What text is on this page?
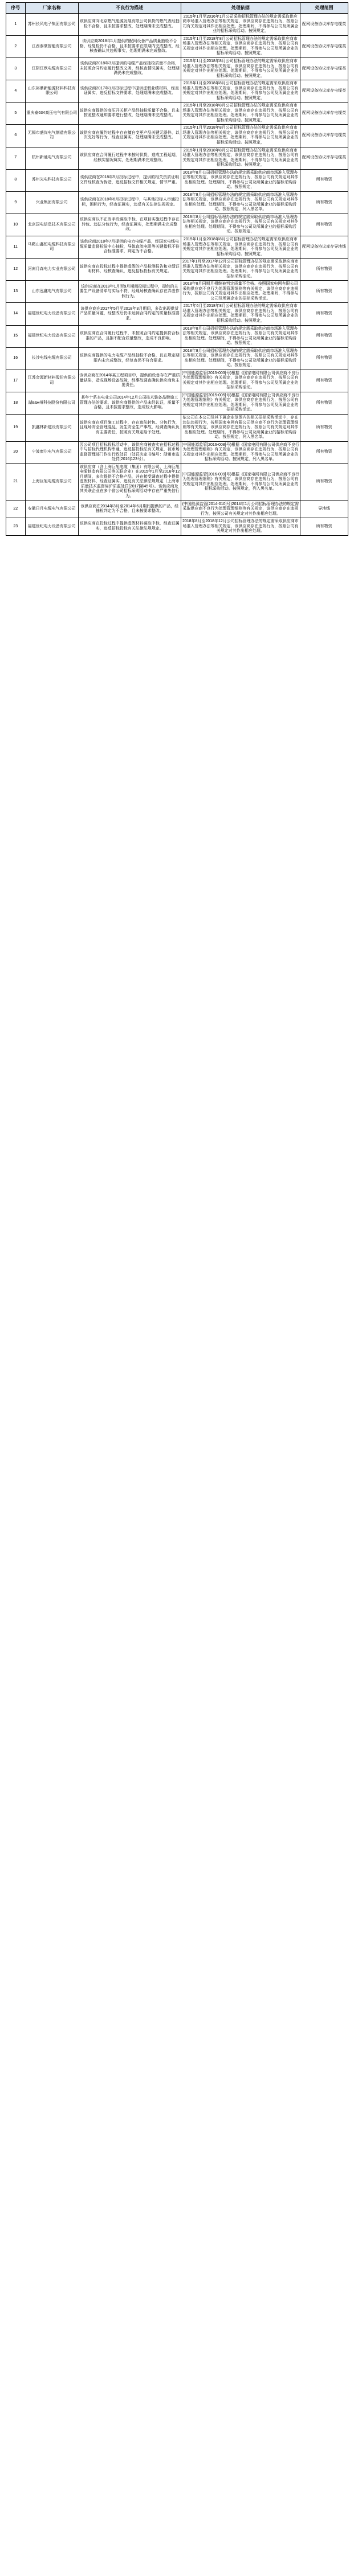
序号	厂家名称	不良行为描述	处理依据	处理范围
1	苏州长风电子集团有限公司	该供应商向北京燃气能源发展有限公司供货的燃气表经抽检不合格，且未按要求整改，处理期满未完成整改。	2015年1月至2016年1月公司采购招标管理办法的规定需采取供应商市场准入管理办法等相关规定，该供应商存在违规行为，按照公司有关规定对其作出相应处理。处理期间，不得参与公司及所属企业的招标采购活动。按照规定，	配网设备协议库存电缆类
2	江西泰豪智能有限公司	该供应商2018年1月提供的配网设备产品质量抽检不合格，经复检仍不合格，且未按要求在限期内完成整改，经核查确认其违规事实，处理期满未完成整改。	2015年1月至2018年8月公司招标管理办法的规定需采取供应商市场准入管理办法等相关规定，该供应商存在违规行为，按照公司有关规定对其作出相应处理。处理期间，不得参与公司及所属企业的招标采购活动。按照规定，	配网设备协议库存电缆类
3	江阴江欣电缆有限公司	该供应商2018年3月提供的电缆产品经抽检质量不合格，未按照合同约定履行整改义务，经核查情况属实，处理期满仍未完成整改。	2015年1月至2018年8月公司招标管理办法的规定需采取供应商市场准入管理办法等相关规定，该供应商存在违规行为，按照公司有关规定对其作出相应处理。处理期间，不得参与公司及所属企业的招标采购活动。按照规定，	配网设备协议库存电缆类
4	山东裕鼎新能源材料科技有限公司	该供应商2017年1月投标过程中提供虚假业绩材料，经查证属实，违反招标文件要求，处理期满未完成整改。	2015年1月至2018年8月公司招标管理办法的规定需采取供应商市场准入管理办法等相关规定，该供应商存在违规行为，按照公司有关规定对其作出相应处理。处理期间，不得参与公司及所属企业的招标采购活动。按照规定，	配网设备协议库存电缆类
5	重庆泰634高压电气有限公司	该供应商提供的高压开关柜产品经抽检质量不合格，且未按照整改通知要求进行整改，处理期满未完成整改。	2015年1月至2018年8月公司招标管理办法的规定需采取供应商市场准入管理办法等相关规定，该供应商存在违规行为，按照公司有关规定对其作出相应处理。处理期间，不得参与公司及所属企业的招标采购活动。按照规定，	配网设备协议库存电缆类
6	无锡市盛岗电气制造有限公司	该供应商在履约过程中存在擅自变更产品关键元器件、以次充好等行为，经查证属实，处理期满未完成整改。	2015年1月至2018年8月公司招标管理办法的规定需采取供应商市场准入管理办法等相关规定，该供应商存在违规行为，按照公司有关规定对其作出相应处理。处理期间，不得参与公司及所属企业的招标采购活动。按照规定，	配网设备协议库存电缆类
7	杭州新通电气有限公司	该供应商在合同履行过程中未按时供货，造成工程延期，经核实情况属实，处理期满未完成整改。	2015年1月至2018年8月公司招标管理办法的规定需采取供应商市场准入管理办法等相关规定，该供应商存在违规行为，按照公司有关规定对其作出相应处理。处理期间，不得参与公司及所属企业的招标采购活动。按照规定，	配网设备协议库存电缆类
8	苏州光电科技有限公司	该供应商在2018年5月投标过程中，提供的相关资质证明文件经核查为伪造，违反招标文件相关规定，情节严重。	2018年8月公司招标管理办法的规定需采取供应商市场准入管理办法等相关规定，该供应商存在违规行为，按照公司有关规定对其作出相应处理。处理期间，不得参与公司及所属企业的招标采购活动。按照规定，	所有物资
9	兴业集团有限公司	该供应商在2018年6月投标过程中，与其他投标人串通投标，围标行为，经查证属实，违反有关法律法规规定。	2018年8月公司招标管理办法的规定需采取供应商市场准入管理办法等相关规定，该供应商存在违规行为，按照公司有关规定对其作出相应处理。处理期间，不得参与公司及所属企业的招标采购活动。按照规定，列入黑名单。	所有物资
10	北京国电信息技术有限公司	该供应商以不正当手段谋取中标，在项目实施过程中存在转包、违法分包行为，经查证属实，处理期满未完成整改。	2018年8月公司招标管理办法的规定需采取供应商市场准入管理办法等相关规定，该供应商存在违规行为，按照公司有关规定对其作出相应处理。处理期间，不得参与公司及所属企业的招标采购活动。按照规定，	所有物资
11	马鞍山鑫恒电缆科技有限公司	该供应商2018年7月提供的电力电缆产品，经国家电线电缆质量监督检验中心抽检，导体直流电阻等关键指标不符合标准要求，判定为不合格。	2015年1月至2018年8月公司招标管理办法的规定需采取供应商市场准入管理办法等相关规定，该供应商存在违规行为，按照公司有关规定对其作出相应处理。处理期间，不得参与公司及所属企业的招标采购活动。按照规定，	配网设备协议库存导地线
12	河南月森电力实业有限公司	该供应商在投标过程中提供虚假的产品检测报告和业绩证明材料，经核查确认，违反招标投标有关规定。	2017年1月至2017年12月公司招标管理办法的规定需采取供应商市场准入管理办法等相关规定，该供应商存在违规行为，按照公司有关规定对其作出相应处理。处理期间，不得参与公司及所属企业的招标采购活动。	所有物资
13	山东泓鑫电气有限公司	该供应商在2018年1月至9月期间投标过程中，提供的主要生产设备清单与实际不符，经现场核查确认存在弄虚作假行为。	2018年8月同期月相继被判定质量不合格。按照国家电网有限公司采购供应商不良行为处理管理细则等有关规定，该供应商存在违规行为，按照公司有关规定对其作出相应处理。处理期间，不得参与公司及所属企业的招标采购活动。	所有物资
14	福建世纪电力设备有限公司	该供应商在2017年5月至2018年3月期间，多次出现供货产品质量问题，经整改后仍未达到合同约定的质量标准要求。	2017年6月至2018年8月公司招标管理办法的规定需采取供应商市场准入管理办法等相关规定，该供应商存在违规行为，按照公司有关规定对其作出相应处理。处理期间，不得参与公司及所属企业的招标采购活动。按照规定，	所有物资
15	福建世纪电力设备有限公司	该供应商在合同履行过程中，未按照合同约定提供符合标准的产品，且拒不配合质量整改，造成不良影响。	2018年8月公司招标管理办法的规定需采取供应商市场准入管理办法等相关规定，该供应商存在违规行为，按照公司有关规定对其作出相应处理。处理期间，不得参与公司及所属企业的招标采购活动。按照规定，	所有物资
16	长沙电线电缆有限公司	该供应商提供的电力电缆产品经抽检不合格，且在规定期限内未完成整改，经复查仍不符合要求。	2018年8月公司招标管理办法的规定需采取供应商市场准入管理办法等相关规定，该供应商存在违规行为，按照公司有关规定对其作出相应处理。处理期间，不得参与公司及所属企业的招标采购活动。按照规定，	所有物资
17	江苏金源新材料股份有限公司	该供应商在2014年某工程项目中，提供的设备存在严重质量缺陷，造成现场设备故障，经事故调查确认供应商负主要责任。	(中国能源监管[2015-003]号)根据《国家电网有限公司供应商不良行为处理管理细则》有关规定，该供应商存在违规行为，按照公司有关规定对其作出相应处理。处理期间，不得参与公司及所属企业的招标采购活动。	所有物资
18	湖важ州科技股份有限公司	某年十系本电业公司2014年12月公司技术装备品牌施工管理办法的要求，该供应商提供的产品未经认证，质量不合格，且未按要求整改，造成较大影响。	(中国能源监管[2015-005]号)根据《国家电网有限公司供应商不良行为处理管理细则》有关规定，该供应商存在违规行为，按照公司有关规定对其作出相应处理。处理期间，不得参与公司及所属企业的招标采购活动。	所有物资
19	凯鑫林新建设有限公司	该供应商在项目施工过程中，存在违法转包、分包行为，且现场安全管理混乱，发生安全生产事故，经调查确认负有主要责任，按照有关规定给予处理。	依公司在本公司及其下属企业范围内的相关招标采购活动中，存在违法违规行为，按照国家电网有限公司供应商不良行为处理管理细则等有关规定，该供应商存在违规行为，按照公司有关规定对其作出相应处理。处理期间，不得参与公司及所属企业的招标采购活动。按照规定，列入黑名单。	所有物资
20	宁波康尔电气有限公司	因公司项目招标投标活动中，该供应商被查实在招标过程中与招标代理机构串通，违反招投标法有关规定，被市场监督管理部门作出行政处罚（处罚决定书编号：浙甬市监处罚[2016]123号）。	(中国能源监管[2016-008]号)根据《国家电网有限公司供应商不良行为处理管理细则》有关规定，该供应商存在违规行为，按照公司有关规定对其作出相应处理。处理期间，不得参与公司及所属企业的招标采购活动。按照规定，列入黑名单。	所有物资
21	上海巨旭电缆有限公司	该供应商（含上海巨旭电缆（集团）有限公司、上海巨旭电缆制造有限公司等关联企业）在2015年1月至2016年12月期间，多次提供不合格产品，并在接受调查过程中提供虚假材料，经查证属实，违反有关法律法规规定（上海市质量技术监督局沪质监处罚[2017]第45号）。该供应商及其关联企业在多个省公司招标采购活动中存在严重失信行为。	(中国能源监管[2016-009]号)根据《国家电网有限公司供应商不良行为处理管理细则》有关规定，该供应商存在违规行为，按照公司有关规定对其作出相应处理。处理期间，不得参与公司及所属企业的招标采购活动。按照规定，列入黑名单。	所有物资
22	安徽日月电缆电气有限公司	该供应商在2014年3月至2014年6月期间提供的产品，经抽检判定为不合格，且未按要求整改。	(中国能源监管[2014-010]号)2014年1月公司招标管理办法的规定需采取供应商不良行为处理管理细则等有关规定，该供应商存在违规行为，按照公司有关规定对其作出相应处理。	导地线
23	福建世纪电力设备有限公司	该供应商在投标过程中提供虚假材料谋取中标，经查证属实，违反招标投标有关法律法规规定。	2018年8月至2018年12月公司招标管理办法的规定需采取供应商市场准入管理办法等相关规定，该供应商存在违规行为，按照公司有关规定对其作出相应处理。	所有物资
